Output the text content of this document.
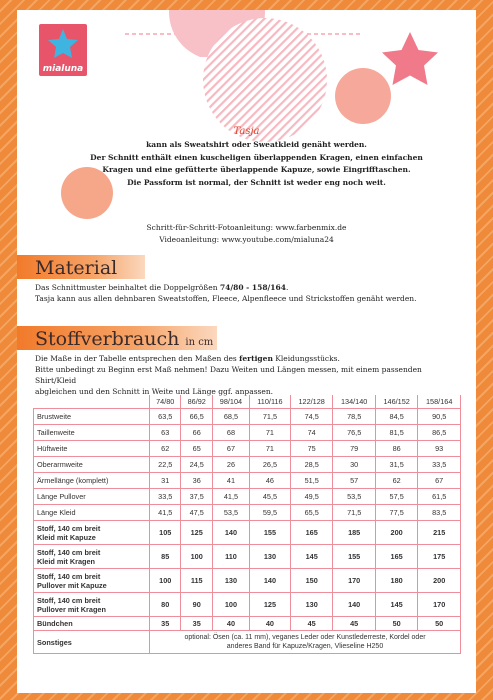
mialuna
Tasja
kann als Sweatshirt oder Sweatkleid genäht werden.
Der Schnitt enthält einen kuscheligen überlappenden Kragen, einen einfachen
Kragen und eine gefütterte überlappende Kapuze, sowie Eingrifftaschen.
Die Passform ist normal, der Schnitt ist weder eng noch weit.
Schritt-für-Schritt-Fotoanleitung: www.farbenmix.de
Videoanleitung: www.youtube.com/mialuna24
Material
Das Schnittmuster beinhaltet die Doppelgrößen 74/80 - 158/164.
Tasja kann aus allen dehnbaren Sweatstoffen, Fleece, Alpenfleece und Strickstoffen genäht werden.
Stoffverbrauch in cm
Die Maße in der Tabelle entsprechen den Maßen des fertigen Kleidungsstücks.
Bitte unbedingt zu Beginn erst Maß nehmen! Dazu Weiten und Längen messen, mit einem passenden Shirt/Kleid
abgleichen und den Schnitt in Weite und Länge ggf. anpassen.
	74/80	86/92	98/104	110/116	122/128	134/140	146/152	158/164
Brustweite	63,5	66,5	68,5	71,5	74,5	78,5	84,5	90,5
Taillenweite	63	66	68	71	74	76,5	81,5	86,5
Hüftweite	62	65	67	71	75	79	86	93
Oberarmweite	22,5	24,5	26	26,5	28,5	30	31,5	33,5
Ärmellänge (komplett)	31	36	41	46	51,5	57	62	67
Länge Pullover	33,5	37,5	41,5	45,5	49,5	53,5	57,5	61,5
Länge Kleid	41,5	47,5	53,5	59,5	65,5	71,5	77,5	83,5

Stoff, 140 cm breit
Kleid mit Kapuze	105	125	140	155	165	185	200	215

Stoff, 140 cm breit
Kleid mit Kragen	85	100	110	130	145	155	165	175

Stoff, 140 cm breit
Pullover mit Kapuze	100	115	130	140	150	170	180	200

Stoff, 140 cm breit
Pullover mit Kragen	80	90	100	125	130	140	145	170
Bündchen	35	35	40	40	45	45	50	50
Sonstiges	optional: Ösen (ca. 11 mm), veganes Leder oder Kunstlederreste, Kordel oder
anderes Band für Kapuze/Kragen, Vlieseline H250							
